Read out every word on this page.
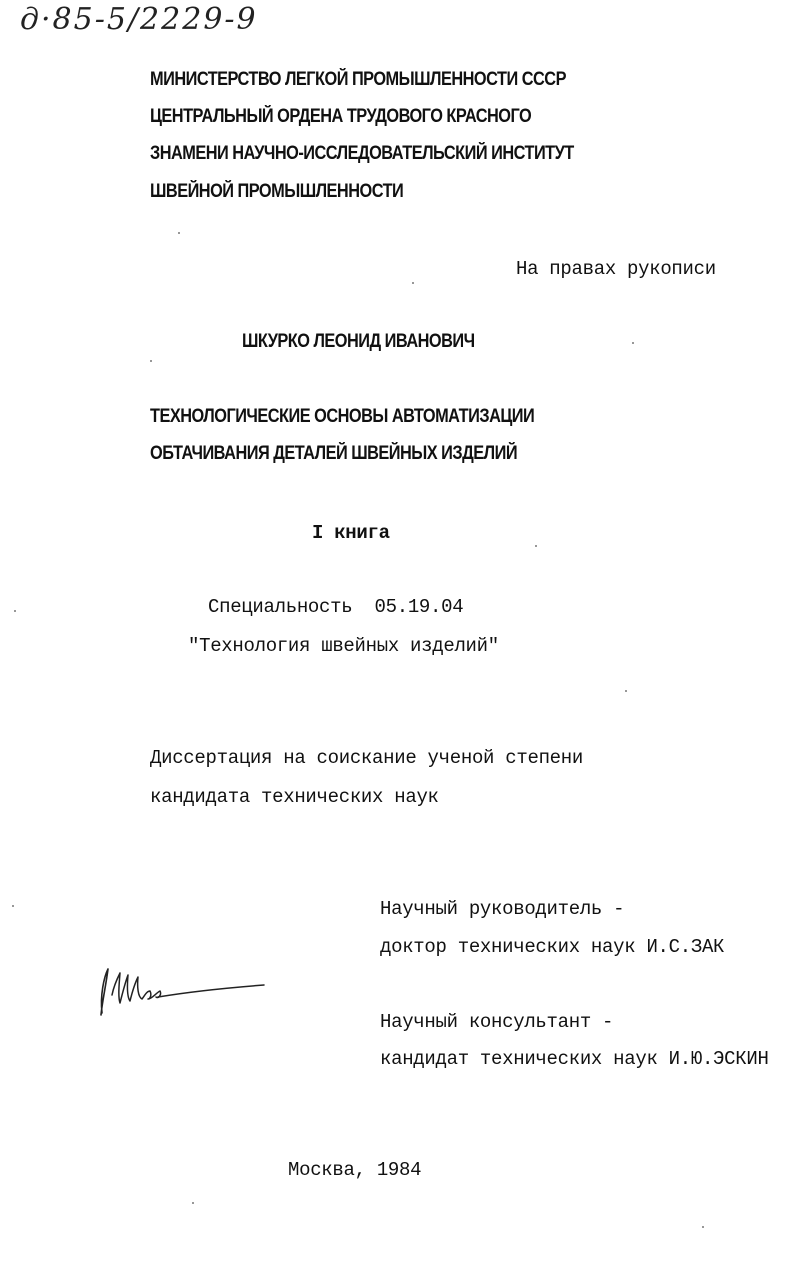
д·85-5/2229-9
МИНИСТЕРСТВО ЛЕГКОЙ ПРОМЫШЛЕННОСТИ СССР
ЦЕНТРАЛЬНЫЙ ОРДЕНА ТРУДОВОГО КРАСНОГО
ЗНАМЕНИ НАУЧНО-ИССЛЕДОВАТЕЛЬСКИЙ ИНСТИТУТ
ШВЕЙНОЙ ПРОМЫШЛЕННОСТИ
На правах рукописи
ШКУРКО ЛЕОНИД ИВАНОВИЧ
ТЕХНОЛОГИЧЕСКИЕ ОСНОВЫ АВТОМАТИЗАЦИИ
ОБТАЧИВАНИЯ ДЕТАЛЕЙ ШВЕЙНЫХ ИЗДЕЛИЙ
I книга
Специальность  05.19.04
"Технология швейных изделий"
Диссертация на соискание ученой степени
кандидата технических наук
Научный руководитель -
доктор технических наук И.С.ЗАК
Научный консультант -
кандидат технических наук И.Ю.ЭСКИН
Москва, 1984
